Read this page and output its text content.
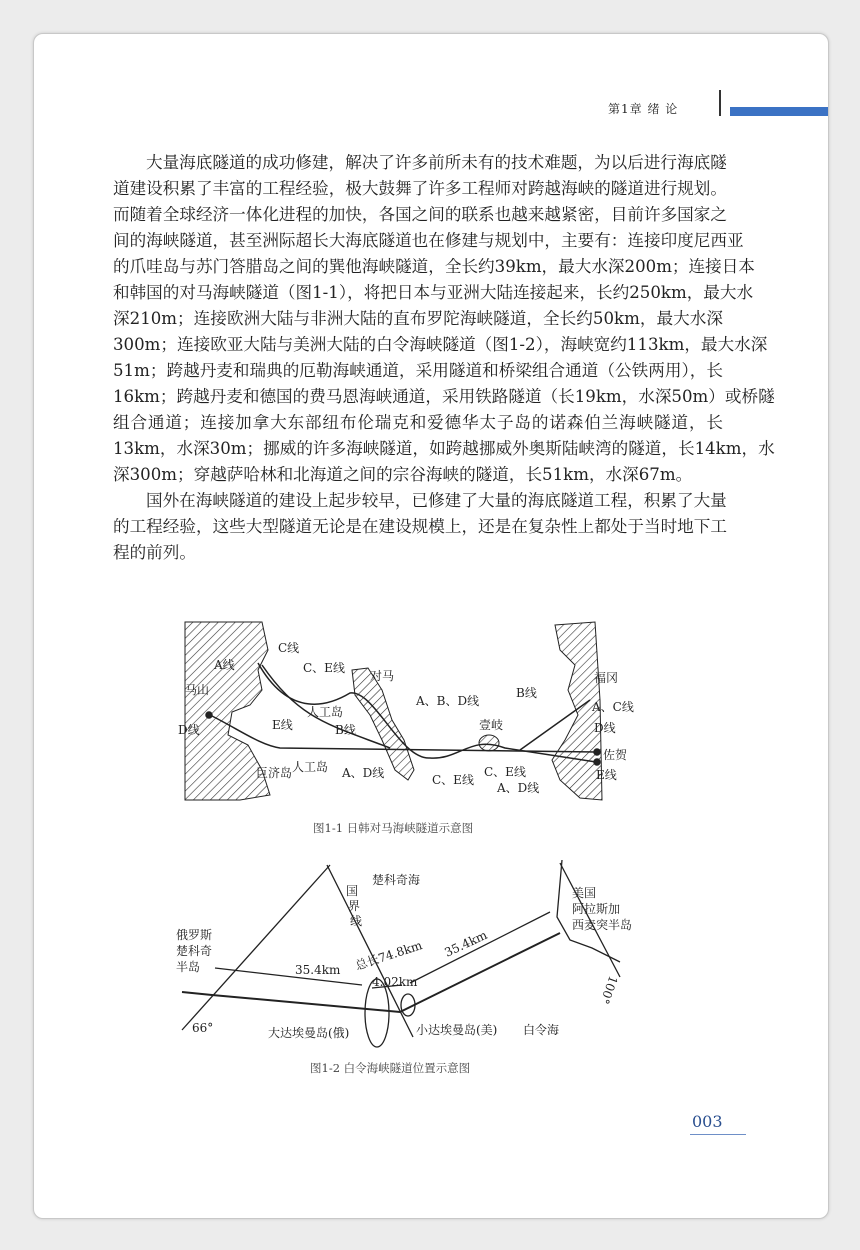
第1章 绪 论
大量海底隧道的成功修建，解决了许多前所未有的技术难题，为以后进行海底隧
道建设积累了丰富的工程经验，极大鼓舞了许多工程师对跨越海峡的隧道进行规划。
而随着全球经济一体化进程的加快，各国之间的联系也越来越紧密，目前许多国家之
间的海峡隧道，甚至洲际超长大海底隧道也在修建与规划中，主要有：连接印度尼西亚
的爪哇岛与苏门答腊岛之间的巽他海峡隧道，全长约39km，最大水深200m；连接日本
和韩国的对马海峡隧道（图1-1），将把日本与亚洲大陆连接起来，长约250km，最大水
深210m；连接欧洲大陆与非洲大陆的直布罗陀海峡隧道，全长约50km，最大水深
300m；连接欧亚大陆与美洲大陆的白令海峡隧道（图1-2），海峡宽约113km，最大水深
51m；跨越丹麦和瑞典的厄勒海峡通道，采用隧道和桥梁组合通道（公铁两用），长
16km；跨越丹麦和德国的费马恩海峡通道，采用铁路隧道（长19km，水深50m）或桥隧
组合通道；连接加拿大东部纽布伦瑞克和爱德华太子岛的诺森伯兰海峡隧道，长
13km，水深30m；挪威的许多海峡隧道，如跨越挪威外奥斯陆峡湾的隧道，长14km，水
深300m；穿越萨哈林和北海道之间的宗谷海峡的隧道，长51km，水深67m。
国外在海峡隧道的建设上起步较早，已修建了大量的海底隧道工程，积累了大量
的工程经验，这些大型隧道无论是在建设规模上，还是在复杂性上都处于当时地下工
程的前列。
C线
A线
马山
C、E线
对马
人工岛
E线	B线
D线
A、B、D线
壹岐
B线
福冈
A、C线
D线
佐贺
E线
巨济岛 人工岛 A、D线	C、E线
C、E线
A、D线
图1-1 日韩对马海峡隧道示意图
楚科奇海
国
界
线
美国
阿拉斯加
西麦突半岛
俄罗斯
楚科奇
半岛	35.4km 总长74.8km
4.02km
35.4km
66°
100°
大达埃曼岛(俄)	小达埃曼岛(美) 白令海
图1-2 白令海峡隧道位置示意图
003
